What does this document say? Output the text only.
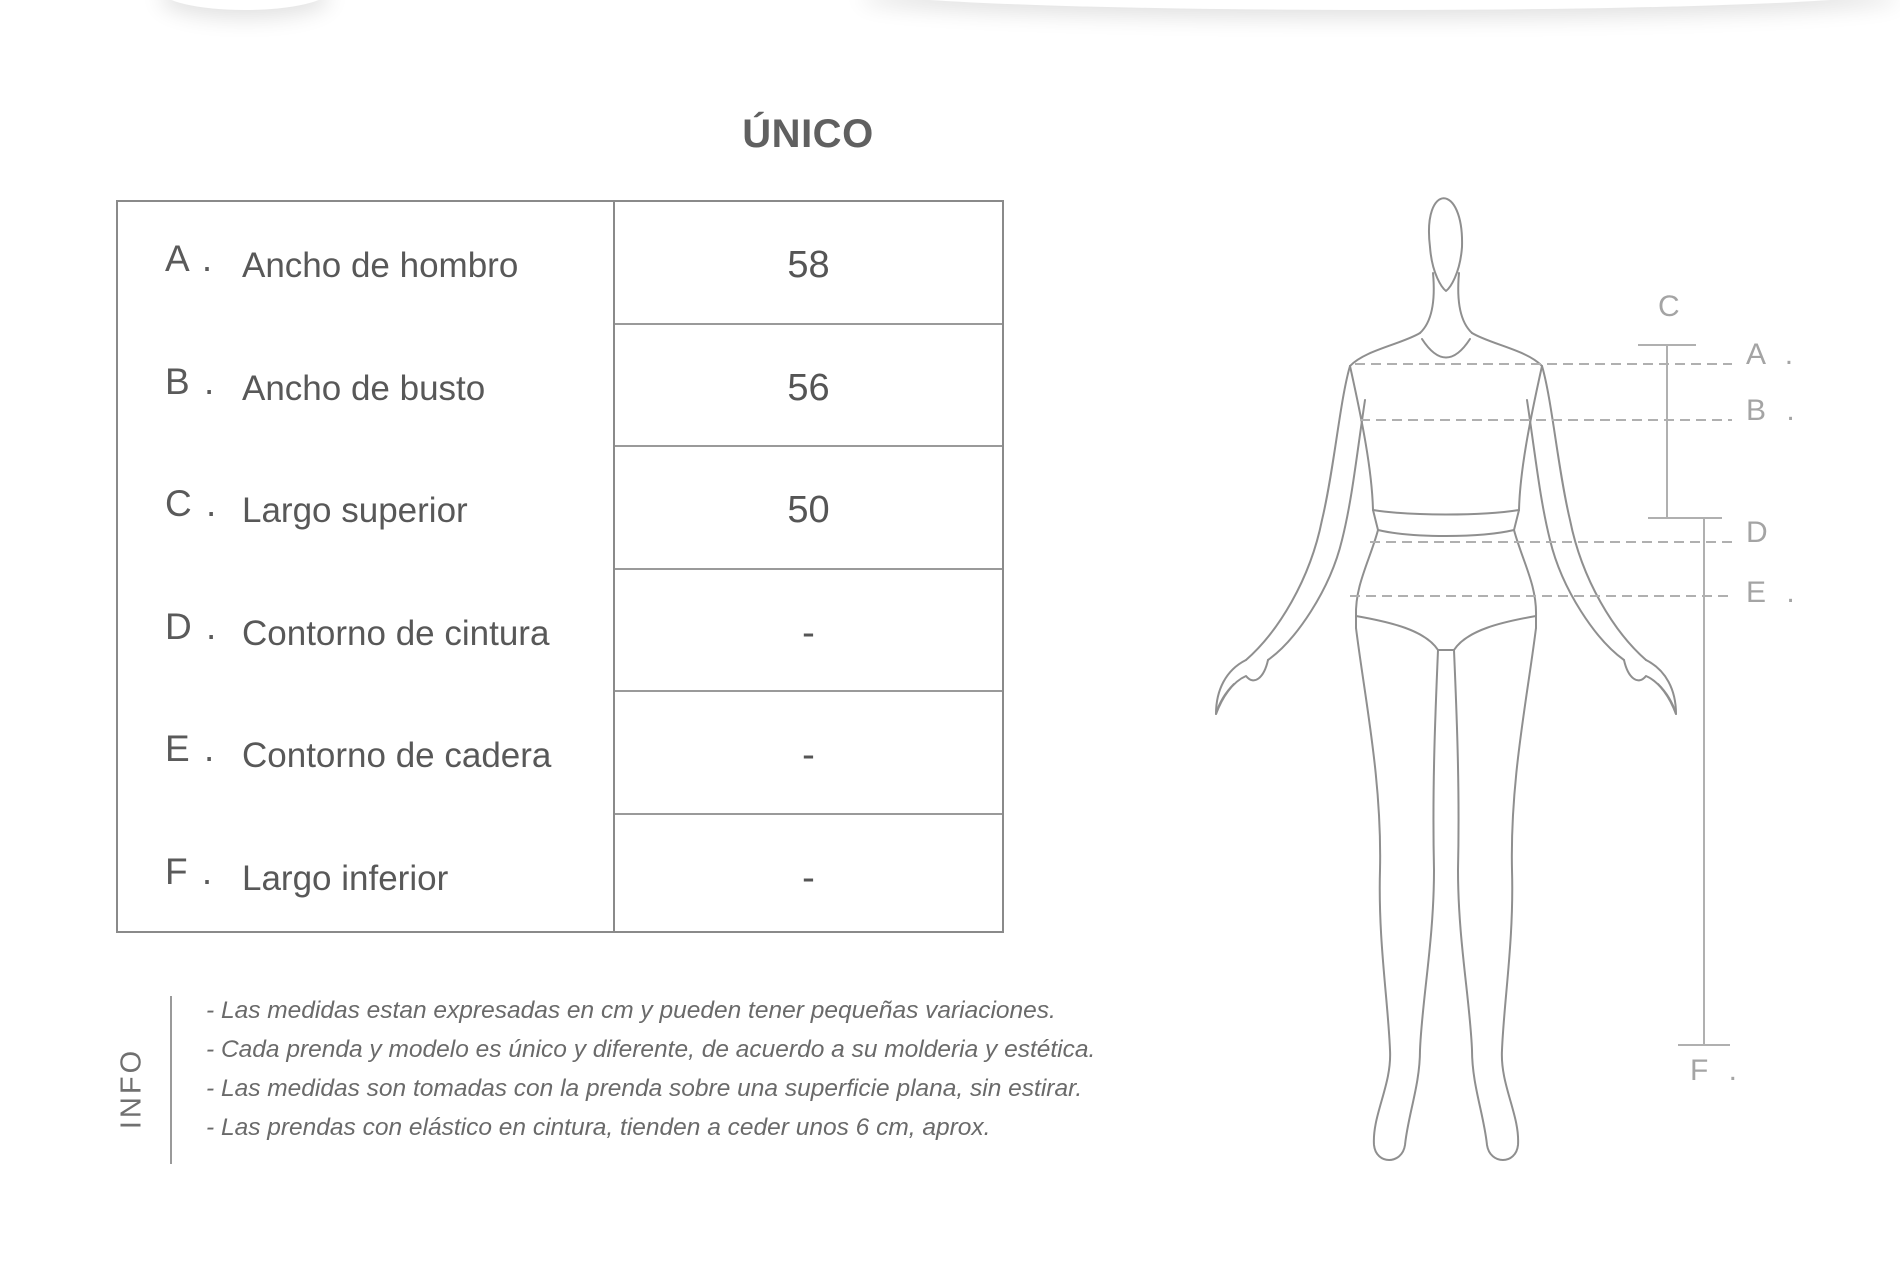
ÚNICO
A . Ancho de hombro	58
B . Ancho de busto	56
C . Largo superior	50
D . Contorno de cintura	-
E . Contorno de cadera	-
F . Largo inferior	-
INFO
- Las medidas estan expresadas en cm y pueden tener pequeñas variaciones.
- Cada prenda y modelo es único y diferente, de acuerdo a su molderia y estética.
- Las medidas son tomadas con la prenda sobre una superficie plana, sin estirar.
- Las prendas con elástico en cintura, tienden a ceder unos 6 cm, aprox.
C
A .
B .
D
E .
F .
